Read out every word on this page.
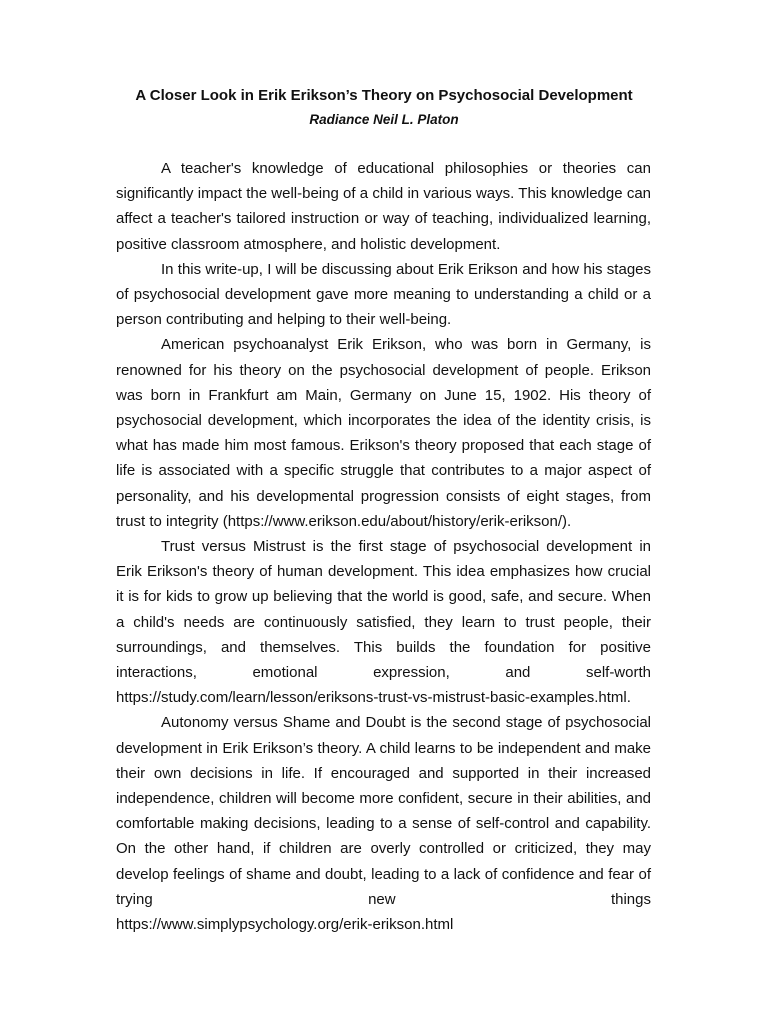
A Closer Look in Erik Erikson’s Theory on Psychosocial Development
Radiance Neil L. Platon

A teacher's knowledge of educational philosophies or theories can significantly impact the well-being of a child in various ways. This knowledge can affect a teacher's tailored instruction or way of teaching, individualized learning, positive classroom atmosphere, and holistic development.

In this write-up, I will be discussing about Erik Erikson and how his stages of psychosocial development gave more meaning to understanding a child or a person contributing and helping to their well-being.

American psychoanalyst Erik Erikson, who was born in Germany, is renowned for his theory on the psychosocial development of people. Erikson was born in Frankfurt am Main, Germany on June 15, 1902. His theory of psychosocial development, which incorporates the idea of the identity crisis, is what has made him most famous. Erikson's theory proposed that each stage of life is associated with a specific struggle that contributes to a major aspect of personality, and his developmental progression consists of eight stages, from trust to integrity (https://www.erikson.edu/about/history/erik-erikson/).

Trust versus Mistrust is the first stage of psychosocial development in Erik Erikson's theory of human development. This idea emphasizes how crucial it is for kids to grow up believing that the world is good, safe, and secure. When a child's needs are continuously satisfied, they learn to trust people, their surroundings, and themselves. This builds the foundation for positive interactions, emotional expression, and self-worth

https://study.com/learn/lesson/eriksons-trust-vs-mistrust-basic-examples.html.

Autonomy versus Shame and Doubt is the second stage of psychosocial development in Erik Erikson’s theory. A child learns to be independent and make their own decisions in life. If encouraged and supported in their increased independence, children will become more confident, secure in their abilities, and comfortable making decisions, leading to a sense of self-control and capability. On the other hand, if children are overly controlled or criticized, they may develop feelings of shame and doubt, leading to a lack of confidence and fear of trying new things

https://www.simplypsychology.org/erik-erikson.html
